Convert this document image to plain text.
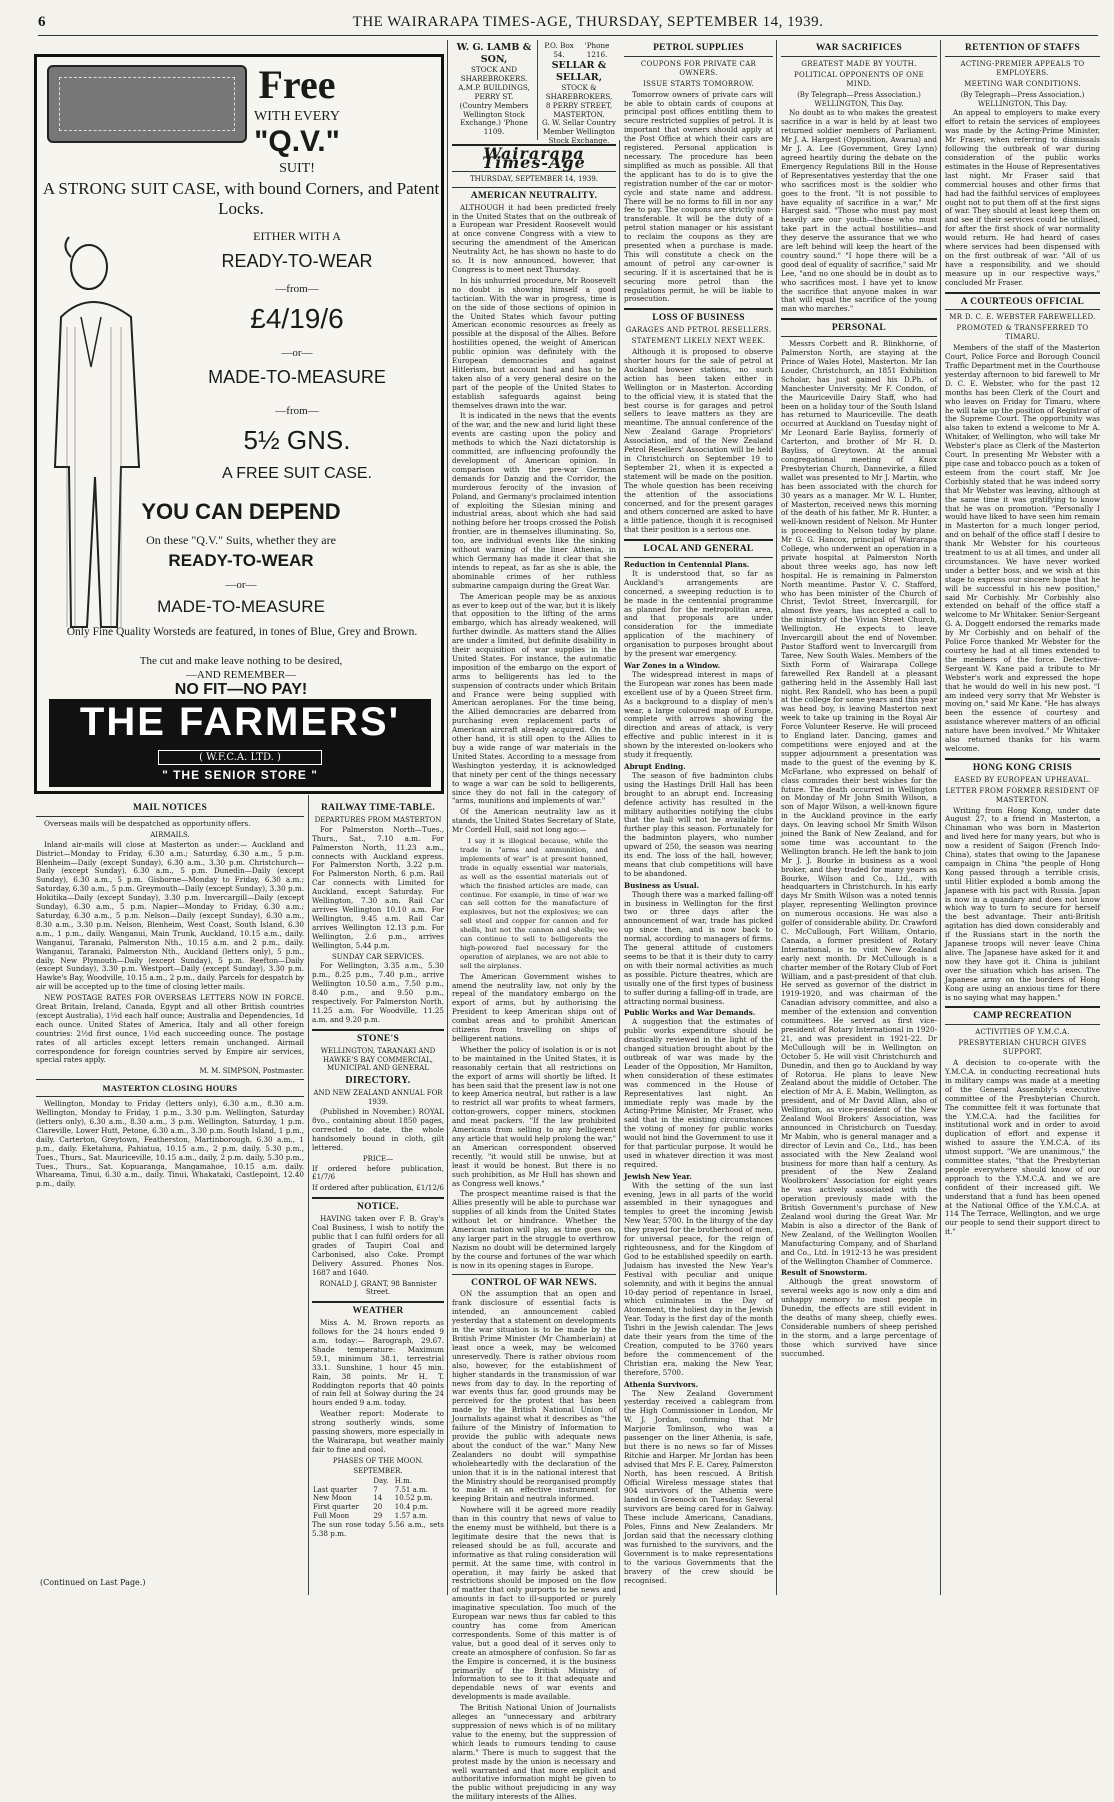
6	THE WAIRARAPA TIMES-AGE, THURSDAY, SEPTEMBER 14, 1939.
Free
WITH EVERY
"Q.V."
SUIT!
A STRONG SUIT CASE, with bound Corners, and Patent Locks.
EITHER WITH A
READY-TO-WEAR
—from—
£4/19/6
—or—
MADE-TO-MEASURE
—from—
5½ GNS.
A FREE SUIT CASE.
YOU CAN DEPEND
On these "Q.V." Suits, whether they are
READY-TO-WEAR
—or—
MADE-TO-MEASURE
Only Fine Quality Worsteds are featured, in tones of Blue, Grey and Brown.
The cut and make leave nothing to be desired,
—AND REMEMBER—
NO FIT—NO PAY!
THE FARMERS'
( W.F.C.A. LTD. )
" THE SENIOR STORE "
MAIL NOTICES

Overseas mails will be despatched as opportunity offers.

AIRMAILS.

Inland air-mails will close at Masterton as under:— Auckland and District—Monday to Friday, 6.30 a.m.; Saturday, 6.30 a.m., 5 p.m. Blenheim—Daily (except Sunday), 6.30 a.m., 3.30 p.m. Christchurch—Daily (except Sunday), 6.30 a.m., 5 p.m. Dunedin—Daily (except Sunday), 6.30 a.m., 5 p.m. Gisborne—Monday to Friday, 6.30 a.m.; Saturday, 6.30 a.m., 5 p.m. Greymouth—Daily (except Sunday), 3.30 p.m. Hokitika—Daily (except Sunday), 3.30 p.m. Invercargill—Daily (except Sunday), 6.30 a.m., 5 p.m. Napier—Monday to Friday, 6.30 a.m.; Saturday, 6.30 a.m., 5 p.m. Nelson—Daily (except Sunday), 6.30 a.m., 8.30 a.m., 3.30 p.m. Nelson, Blenheim, West Coast, South Island, 6.30 a.m., 1 p.m., daily. Wanganui, Main Trunk, Auckland, 10.15 a.m., daily. Wanganui, Taranaki, Palmerston Nth., 10.15 a.m. and 2 p.m., daily. Wanganui, Taranaki, Palmerston Nth., Auckland (letters only), 5 p.m., daily. New Plymouth—Daily (except Sunday), 5 p.m. Reefton—Daily (except Sunday), 3.30 p.m. Westport—Daily (except Sunday), 3.30 p.m. Hawke's Bay, Woodville, 10.15 a.m., 2 p.m., daily. Parcels for despatch by air will be accepted up to the time of closing letter mails.

NEW POSTAGE RATES FOR OVERSEAS LETTERS NOW IN FORCE. Great Britain, Ireland, Canada, Egypt and all other British countries (except Australia), 1½d each half ounce; Australia and Dependencies, 1d each ounce. United States of America, Italy and all other foreign countries: 2½d first ounce, 1½d each succeeding ounce. The postage rates of all articles except letters remain unchanged. Airmail correspondence for foreign countries served by Empire air services, special rates apply.

M. M. SIMPSON, Postmaster.
MASTERTON CLOSING HOURS

Wellington, Monday to Friday (letters only), 6.30 a.m., 8.30 a.m. Wellington, Monday to Friday, 1 p.m., 3.30 p.m. Wellington, Saturday (letters only), 6.30 a.m., 8.30 a.m., 3 p.m. Wellington, Saturday, 1 p.m. Clareville, Lower Hutt, Petone, 6.30 a.m., 3.30 p.m. South Island, 1 p.m., daily. Carterton, Greytown, Featherston, Martinborough, 6.30 a.m., 1 p.m., daily. Eketahuna, Pahiatua, 10.15 a.m., 2 p.m. daily, 5.30 p.m., Tues., Thurs., Sat. Mauriceville, 10.15 a.m., daily, 2 p.m. daily, 5.30 p.m., Tues., Thurs., Sat. Kopuaranga, Mangamahoe, 10.15 a.m. daily. Whareama, Tinui, 6.30 a.m., daily. Tinui, Whakataki, Castlepoint, 12.40 p.m., daily.

(Continued on Last Page.)
RAILWAY TIME-TABLE.
DEPARTURES FROM MASTERTON

For Palmerston North—Tues., Thurs., Sat., 7.10 a.m. For Palmerston North, 11.23 a.m., connects with Auckland express. For Palmerston North, 3.22 p.m. For Palmerston North, 6 p.m. Rail Car connects with Limited for Auckland, except Saturday. For Wellington, 7.30 a.m. Rail Car arrives Wellington 10.10 a.m. For Wellington, 9.45 a.m. Rail Car arrives Wellington 12.13 p.m. For Wellington, 2.6 p.m., arrives Wellington, 5.44 p.m.

SUNDAY CAR SERVICES.

For Wellington, 3.35 a.m., 5.30 p.m., 8.25 p.m., 7.40 p.m., arrive Wellington 10.50 a.m., 7.50 p.m., 8.40 p.m., and 9.50 p.m., respectively. For Palmerston North, 11.25 a.m. For Woodville, 11.25 a.m. and 9.20 p.m.

STONE'S
WELLINGTON, TARANAKI AND HAWKE'S BAY COMMERCIAL, MUNICIPAL AND GENERAL
DIRECTORY.
AND NEW ZEALAND ANNUAL FOR 1939.

(Published in November.) ROYAL 8vo., containing about 1850 pages, corrected to date, the whole handsomely bound in cloth, gilt lettered.

PRICE—

If ordered before publication, £1/7/6

If ordered after publication, £1/12/6

NOTICE.

HAVING taken over F. B. Gray's Coal Business, I wish to notify the public that I can fulfil orders for all grades of Taupiri Coal and Carbonised, also Coke. Prompt Delivery Assured. Phones Nos. 1687 and 1640.

RONALD J. GRANT, 98 Bannister Street.
WEATHER

Miss A. M. Brown reports as follows for the 24 hours ended 9 a.m. today:— Barograph, 29.67. Shade temperature: Maximum 59.1, minimum 38.1, terrestrial 33.1. Sunshine, 1 hour 45 min. Rain, 38 points. Mr H. T. Roddington reports that 40 points of rain fell at Solway during the 24 hours ended 9 a.m. today.

Weather report: Moderate to strong southerly winds, some passing showers, more especially in the Wairarapa, but weather mainly fair to fine and cool.

PHASES OF THE MOON.
SEPTEMBER.
	Day.	H.m.
Last quarter	7	7.51 a.m.
New Moon	14	10.52 p.m.
First quarter	20	10.4 p.m.
Full Moon	29	1.57 a.m.

The sun rose today 5.56 a.m., sets 5.38 p.m.

W. G. LAMB & SON,
STOCK AND SHAREBROKERS.
A.M.P. BUILDINGS, PERRY ST.
(Country Members Wellington Stock Exchange.) 'Phone 1109.
P.O. Box 54.
'Phone 1216.
SELLAR & SELLAR,
STOCK & SHAREBROKERS,
8 PERRY STREET, MASTERTON.
G. W. Sellar Country Member Wellington Stock Exchange.
Wairarapa Times-Age
THURSDAY, SEPTEMBER 14, 1939.
AMERICAN NEUTRALITY.

ALTHOUGH it had been predicted freely in the United States that on the outbreak of a European war President Roosevelt would at once convene Congress with a view to securing the amendment of the American Neutrality Act, he has shown no haste to do so. It is now announced, however, that Congress is to meet next Thursday.

In his unhurried procedure, Mr Roosevelt no doubt is showing himself a good tactician. With the war in progress, time is on the side of those sections of opinion in the United States which favour putting American economic resources as freely as possible at the disposal of the Allies. Before hostilities opened, the weight of American public opinion was definitely with the European democracies and against Hitlerism, but account had and has to be taken also of a very general desire on the part of the people of the United States to establish safeguards against being themselves drawn into the war.

It is indicated in the news that the events of the war, and the new and lurid light these events are casting upon the policy and methods to which the Nazi dictatorship is committed, are influencing profoundly the development of American opinion. In comparison with the pre-war German demands for Danzig and the Corridor, the murderous ferocity of the invasion of Poland, and Germany's proclaimed intention of exploiting the Silesian mining and industrial areas, about which she had said nothing before her troops crossed the Polish frontier, are in themselves illuminating. So, too, are individual events like the sinking without warning of the liner Athenia, in which Germany has made it clear that she intends to repeat, as far as she is able, the abominable crimes of her ruthless submarine campaign during the Great War.

The American people may be as anxious as ever to keep out of the war, but it is likely that opposition to the lifting of the arms embargo, which has already weakened, will further dwindle. As matters stand the Allies are under a limited, but definite disability in their acquisition of war supplies in the United States. For instance, the automatic imposition of the embargo on the export of arms to belligerents has led to the suspension of contracts under which Britain and France were being supplied with American aeroplanes. For the time being, the Allied democracies are debarred from purchasing even replacement parts of American aircraft already acquired. On the other hand, it is still open to the Allies to buy a wide range of war materials in the United States. According to a message from Washington yesterday, it is acknowledged that ninety per cent of the things necessary to wage a war can be sold to belligerents, since they do not fall in the category of "arms, munitions and implements of war."

Of the American neutrality law as it stands, the United States Secretary of State, Mr Cordell Hull, said not long ago:—

I say it is illogical because, while the trade in "arms and ammunition, and implements of war" is at present banned, trade in equally essential war materials, as well as the essential materials out of which the finished articles are made, can continue. For example, in time of war we can sell cotton for the manufacture of explosives, but not the explosives; we can sell steel and copper for cannon and for shells, but not the cannon and shells; we can continue to sell to belligerents the high-powered fuel necessary for the operation of airplanes, we are not able to sell the airplanes.

The American Government wishes to amend the neutrality law, not only by the repeal of the mandatory embargo on the export of arms, but by authorising the President to keep American ships out of combat areas and to prohibit American citizens from travelling on ships of belligerent nations.

Whether the policy of isolation is or is not to be maintained in the United States, it is reasonably certain that all restrictions on the export of arms will shortly be lifted. It has been said that the present law is not one to keep America neutral, but rather is a law to restrict all war profits to wheat farmers, cotton-growers, copper miners, stockmen and meat packers. "If the law prohibited Americans from selling to any belligerent any article that would help prolong the war," an American correspondent observed recently, "it would still be unwise, but at least it would be honest. But there is no such prohibition, as Mr Hull has shown and as Congress well knows."

The prospect meantime raised is that the Allies presently will be able to purchase war supplies of all kinds from the United States without let or hindrance. Whether the American nation will play, as time goes on, any larger part in the struggle to overthrow Nazism no doubt will be determined largely by the course and fortunes of the war which is now in its opening stages in Europe.

CONTROL OF WAR NEWS.

ON the assumption that an open and frank disclosure of essential facts is intended, an announcement cabled yesterday that a statement on developments in the war situation is to be made by the British Prime Minister (Mr Chamberlain) at least once a week, may be welcomed unreservedly. There is rather obvious room also, however, for the establishment of higher standards in the transmission of war news from day to day. In the reporting of war events thus far, good grounds may be perceived for the protest that has been made by the British National Union of Journalists against what it describes as "the failure of the Ministry of Information to provide the public with adequate news about the conduct of the war." Many New Zealanders no doubt will sympathise wholeheartedly with the declaration of the union that it is in the national interest that the Ministry should be reorganised promptly to make it an effective instrument for keeping Britain and neutrals informed.

Nowhere will it be agreed more readily than in this country that news of value to the enemy must be withheld, but there is a legitimate desire that the news that is released should be as full, accurate and informative as that ruling consideration will permit. At the same time, with control in operation, it may fairly be asked that restrictions should be imposed on the flow of matter that only purports to be news and amounts in fact to ill-supported or purely imaginative speculation. Too much of the European war news thus far cabled to this country has come from American correspondents. Some of this matter is of value, but a good deal of it serves only to create an atmosphere of confusion. So far as the Empire is concerned, it is the business primarily of the British Ministry of Information to see to it that adequate and dependable news of war events and developments is made available.

The British National Union of Journalists alleges an "unnecessary and arbitrary suppression of news which is of no military value to the enemy, but the suppression of which leads to rumours tending to cause alarm." There is much to suggest that the protest made by the union is necessary and well warranted and that more explicit and authoritative information might be given to the public without prejudicing in any way the military interests of the Allies.

PETROL SUPPLIES
COUPONS FOR PRIVATE CAR OWNERS.
ISSUE STARTS TOMORROW.

Tomorrow owners of private cars will be able to obtain cards of coupons at principal post offices entitling them to secure restricted supplies of petrol. It is important that owners should apply at the Post Office at which their cars are registered. Personal application is necessary. The procedure has been simplified as much as possible. All that the applicant has to do is to give the registration number of the car or motor-cycle and state name and address. There will be no forms to fill in nor any fee to pay. The coupons are strictly non-transferable. It will be the duty of a petrol station manager or his assistant to reclaim the coupons as they are presented when a purchase is made. This will constitute a check on the amount of petrol any car-owner is securing. If it is ascertained that he is securing more petrol than the regulations permit, he will be liable to prosecution.

LOSS OF BUSINESS
GARAGES AND PETROL RESELLERS.
STATEMENT LIKELY NEXT WEEK.

Although it is proposed to observe shorter hours for the sale of petrol at Auckland bowser stations, no such action has been taken either in Wellington or in Masterton. According to the official view, it is stated that the best course is for garages and petrol sellers to leave matters as they are meantime. The annual conference of the New Zealand Garage Proprietors' Association, and of the New Zealand Petrol Resellers' Association will be held in Christchurch on September 19 to September 21, when it is expected a statement will be made on the position. The whole question has been receiving the attention of the associations concerned, and for the present garages and others concerned are asked to have a little patience, though it is recognised that their position is a serious one.

LOCAL AND GENERAL
Reduction in Centennial Plans.

It is understood that, so far as Auckland's arrangements are concerned, a sweeping reduction is to be made in the centennial programme as planned for the metropolitan area, and that proposals are under consideration for the immediate application of the machinery of organisation to purposes brought about by the present war emergency.

War Zones in a Window.

The widespread interest in maps of the European war zones has been made excellent use of by a Queen Street firm. As a background to a display of men's wear, a large coloured map of Europe, complete with arrows showing the direction and areas of attack, is very effective and public interest in it is shown by the interested on-lookers who study it frequently.

Abrupt Ending.

The season of five badminton clubs using the Hastings Drill Hall has been brought to an abrupt end. Increasing defence activity has resulted in the military authorities notifying the clubs that the hall will not be available for further play this season. Fortunately for the badminton players, who number upward of 250, the season was nearing its end. The loss of the hall, however, means that club competitions will have to be abandoned.

Business as Usual.

Though there was a marked falling-off in business in Wellington for the first two or three days after the announcement of war, trade has picked up since then, and is now back to normal, according to managers of firms. The general attitude of customers seems to be that it is their duty to carry on with their normal activities as much as possible. Picture theatres, which are usually one of the first types of business to suffer during a falling-off in trade, are attracting normal business.

Public Works and War Demands.

A suggestion that the estimates of public works expenditure should be drastically reviewed in the light of the changed situation brought about by the outbreak of war was made by the Leader of the Opposition, Mr Hamilton, when consideration of these estimates was commenced in the House of Representatives last night. An immediate reply was made by the Acting-Prime Minister, Mr Fraser, who said that in the existing circumstances the voting of money for public works would not bind the Government to use it for that particular purpose. It would be used in whatever direction it was most required.

Jewish New Year.

With the setting of the sun last evening, Jews in all parts of the world assembled in their synagogues and temples to greet the incoming Jewish New Year, 5700. In the liturgy of the day they prayed for the brotherhood of men, for universal peace, for the reign of righteousness, and for the Kingdom of God to be established speedily on earth. Judaism has invested the New Year's Festival with peculiar and unique solemnity, and with it begins the annual 10-day period of repentance in Israel, which culminates in the Day of Atonement, the holiest day in the Jewish Year. Today is the first day of the month Tishri in the Jewish calendar. The Jews date their years from the time of the Creation, computed to be 3760 years before the commencement of the Christian era, making the New Year, therefore, 5700.

Athenia Survivors.

The New Zealand Government yesterday received a cablegram from the High Commissioner in London, Mr W. J. Jordan, confirming that Mr Marjorie Tomlinson, who was a passenger on the liner Athenia, is safe, but there is no news so far of Misses Ritchie and Harper. Mr Jordan has been advised that Mrs F. E. Carey, Palmerston North, has been rescued. A British Official Wireless message states that 904 survivors of the Athenia were landed in Greenock on Tuesday. Several survivors are being cared for in Galway. These include Americans, Canadians, Poles, Finns and New Zealanders. Mr Jordan said that the necessary clothing was furnished to the survivors, and the Government is to make representations to the various Governments that the bravery of the crew should be recognised.

WAR SACRIFICES
GREATEST MADE BY YOUTH.
POLITICAL OPPONENTS OF ONE MIND.
(By Telegraph—Press Association.) WELLINGTON, This Day.

No doubt as to who makes the greatest sacrifice in a war is held by at least two returned soldier members of Parliament. Mr J. A. Hargest (Opposition, Awarua) and Mr J. A. Lee (Government, Grey Lynn) agreed heartily during the debate on the Emergency Regulations Bill in the House of Representatives yesterday that the one who sacrifices most is the soldier who goes to the front. "It is not possible to have equality of sacrifice in a war," Mr Hargest said. "Those who must pay most heavily are our youth—those who must take part in the actual hostilities—and they deserve the assurance that we who are left behind will keep the heart of the country sound." "I hope there will be a good deal of equality of sacrifice," said Mr Lee, "and no one should be in doubt as to who sacrifices most. I have yet to know the sacrifice that anyone makes in war that will equal the sacrifice of the young man who marches."

PERSONAL

Messrs Corbett and R. Blinkhorne, of Palmerston North, are staying at the Prince of Wales Hotel, Masterton. Mr Ian Louder, Christchurch, an 1851 Exhibition Scholar, has just gained his D.Ph. of Manchester University. Mr F. Condon, of the Mauriceville Dairy Staff, who had been on a holiday tour of the South Island has returned to Mauriceville. The death occurred at Auckland on Tuesday night of Mr Leonard Earle Bayliss, formerly of Carterton, and brother of Mr H. D. Bayliss, of Greytown. At the annual congregational meeting of Knox Presbyterian Church, Dannevirke, a filled wallet was presented to Mr J. Martin, who has been associated with the church for 30 years as a manager. Mr W. L. Hunter, of Masterton, received news this morning of the death of his father, Mr R. Hunter, a well-known resident of Nelson. Mr Hunter is proceeding to Nelson today by plane. Mr G. G. Hancox, principal of Wairarapa College, who underwent an operation in a private hospital at Palmerston North about three weeks ago, has now left hospital. He is remaining in Palmerston North meantime. Pastor V. C. Stafford, who has been minister of the Church of Christ, Tevlot Street, Invercargill, for almost five years, has accepted a call to the ministry of the Vivian Street Church, Wellington. He expects to leave Invercargill about the end of November. Pastor Stafford went to Invercargill from Taree, New South Wales. Members of the Sixth Form of Wairarapa College farewelled Rex Randell at a pleasant gathering held in the Assembly Hall last night. Rex Randell, who has been a pupil at the college for some years and this year was head boy, is leaving Masterton next week to take up training in the Royal Air Force Volunteer Reserve. He will proceed to England later. Dancing, games and competitions were enjoyed and at the supper adjournment a presentation was made to the guest of the evening by K. McFarlane, who expressed on behalf of class comrades their best wishes for the future. The death occurred in Wellington on Monday of Mr John Smith Wilson, a son of Major Wilson, a well-known figure in the Auckland province in the early days. On leaving school Mr Smith Wilson joined the Bank of New Zealand, and for some time was accountant to the Wellington branch. He left the bank to join Mr J. J. Bourke in business as a wool broker, and they traded for many years as Bourke, Wilson and Co., Ltd., with headquarters in Christchurch. In his early days Mr Smith Wilson was a noted tennis player, representing Wellington province on numerous occasions. He was also a golfer of considerable ability. Dr. Crawford C. McCullough, Fort William, Ontario, Canada, a former president of Rotary International, is to visit New Zealand early next month. Dr McCullough is a charter member of the Rotary Club of Fort William, and a past-president of that club. He served as governor of the district in 1919-1920, and was chairman of the Canadian advisory committee, and also a member of the extension and convention committees. He served as first vice-president of Rotary International in 1920-21, and was president in 1921-22. Dr McCullough will be in Wellington on October 5. He will visit Christchurch and Dunedin, and then go to Auckland by way of Rotorua. He plans to leave New Zealand about the middle of October. The election of Mr A. E. Mabin, Wellington, as president, and of Mr David Allan, also of Wellington, as vice-president of the New Zealand Wool Brokers' Association, was announced in Christchurch on Tuesday. Mr Mabin, who is general manager and a director of Levin and Co., Ltd., has been associated with the New Zealand wool business for more than half a century. As president of the New Zealand Woolbrokers' Association for eight years he was actively associated with the operation previously made with the British Government's purchase of New Zealand wool during the Great War. Mr Mabin is also a director of the Bank of New Zealand, of the Wellington Woollen Manufacturing Company, and of Sharland and Co., Ltd. In 1912-13 he was president of the Wellington Chamber of Commerce.

Result of Snowstorm.

Although the great snowstorm of several weeks ago is now only a dim and unhappy memory to most people in Dunedin, the effects are still evident in the deaths of many sheep, chiefly ewes. Considerable numbers of sheep perished in the storm, and a large percentage of those which survived have since succumbed.

RETENTION OF STAFFS
ACTING-PREMIER APPEALS TO EMPLOYERS.
MEETING WAR CONDITIONS.
(By Telegraph—Press Association.) WELLINGTON, This Day.

An appeal to employers to make every effort to retain the services of employees was made by the Acting-Prime Minister, Mr Fraser, when referring to dismissals following the outbreak of war during consideration of the public works estimates in the House of Representatives last night. Mr Fraser said that commercial houses and other firms that had had the faithful services of employees ought not to put them off at the first signs of war. They should at least keep them on and see if their services could be utilised, for after the first shock of war normality would return. He had heard of cases where services had been dispensed with on the first outbreak of war. "All of us have a responsibility, and we should measure up in our respective ways," concluded Mr Fraser.

A COURTEOUS OFFICIAL
MR D. C. E. WEBSTER FAREWELLED.
PROMOTED & TRANSFERRED TO TIMARU.

Members of the staff of the Masterton Court, Police Force and Borough Council Traffic Department met in the Courthouse yesterday afternoon to bid farewell to Mr D. C. E. Webster, who for the past 12 months has been Clerk of the Court and who leaves on Friday for Timaru, where he will take up the position of Registrar of the Supreme Court. The opportunity was also taken to extend a welcome to Mr A. Whitaker, of Wellington, who will take Mr Webster's place as Clerk of the Masterton Court. In presenting Mr Webster with a pipe case and tobacco pouch as a token of esteem from the court staff, Mr Joe Corbishly stated that he was indeed sorry that Mr Webster was leaving, although at the same time it was gratifying to know that he was on promotion. "Personally I would have liked to have seen him remain in Masterton for a much longer period, and on behalf of the office staff I desire to thank Mr Webster for his courteous treatment to us at all times, and under all circumstances. We have never worked under a better boss, and we wish at this stage to express our sincere hope that he will be successful in his new position," said Mr Corbishly. Mr Corbishly also extended on behalf of the office staff a welcome to Mr Whitaker. Senior-Sergeant G. A. Doggett endorsed the remarks made by Mr Corbishly and on behalf of the Police Force thanked Mr Webster for the courtesy he had at all times extended to the members of the force. Detective-Sergeant W. Kane paid a tribute to Mr Webster's work and expressed the hope that he would do well in his new post. "I am indeed very sorry that Mr Webster is moving on," said Mr Kane. "He has always been the essence of courtesy and assistance wherever matters of an official nature have been involved." Mr Whitaker also returned thanks for his warm welcome.

HONG KONG CRISIS
EASED BY EUROPEAN UPHEAVAL.
LETTER FROM FORMER RESIDENT OF MASTERTON.

Writing from Hong Kong, under date August 27, to a friend in Masterton, a Chinaman who was born in Masterton and lived here for many years, but who is now a resident of Saigon (French Indo-China), states that owing to the Japanese campaign in China "the people of Hong Kong passed through a terrible crisis, until Hitler exploded a bomb among the Japanese with his pact with Russia. Japan is now in a quandary and does not know which way to turn to secure for herself the best advantage. Their anti-British agitation has died down considerably and if the Russians start in the north the Japanese troops will never leave China alive. The Japanese have asked for it and now they have got it. China is jubilant over the situation which has arisen. The Japanese army on the borders of Hong Kong are using an anxious time for there is no saying what may happen."

CAMP RECREATION
ACTIVITIES OF Y.M.C.A.
PRESBYTERIAN CHURCH GIVES SUPPORT.

A decision to co-operate with the Y.M.C.A. in conducting recreational huts in military camps was made at a meeting of the General Assembly's executive committee of the Presbyterian Church. The committee felt it was fortunate that the Y.M.C.A. had the facilities for institutional work and in order to avoid duplication of effort and expense it wished to assure the Y.M.C.A. of its utmost support. "We are unanimous," the committee states, "that the Presbyterian people everywhere should know of our approach to the Y.M.C.A. and we are confident of their increased gift. We understand that a fund has been opened at the National Office of the Y.M.C.A. at 114 The Terrace, Wellington, and we urge our people to send their support direct to it."
